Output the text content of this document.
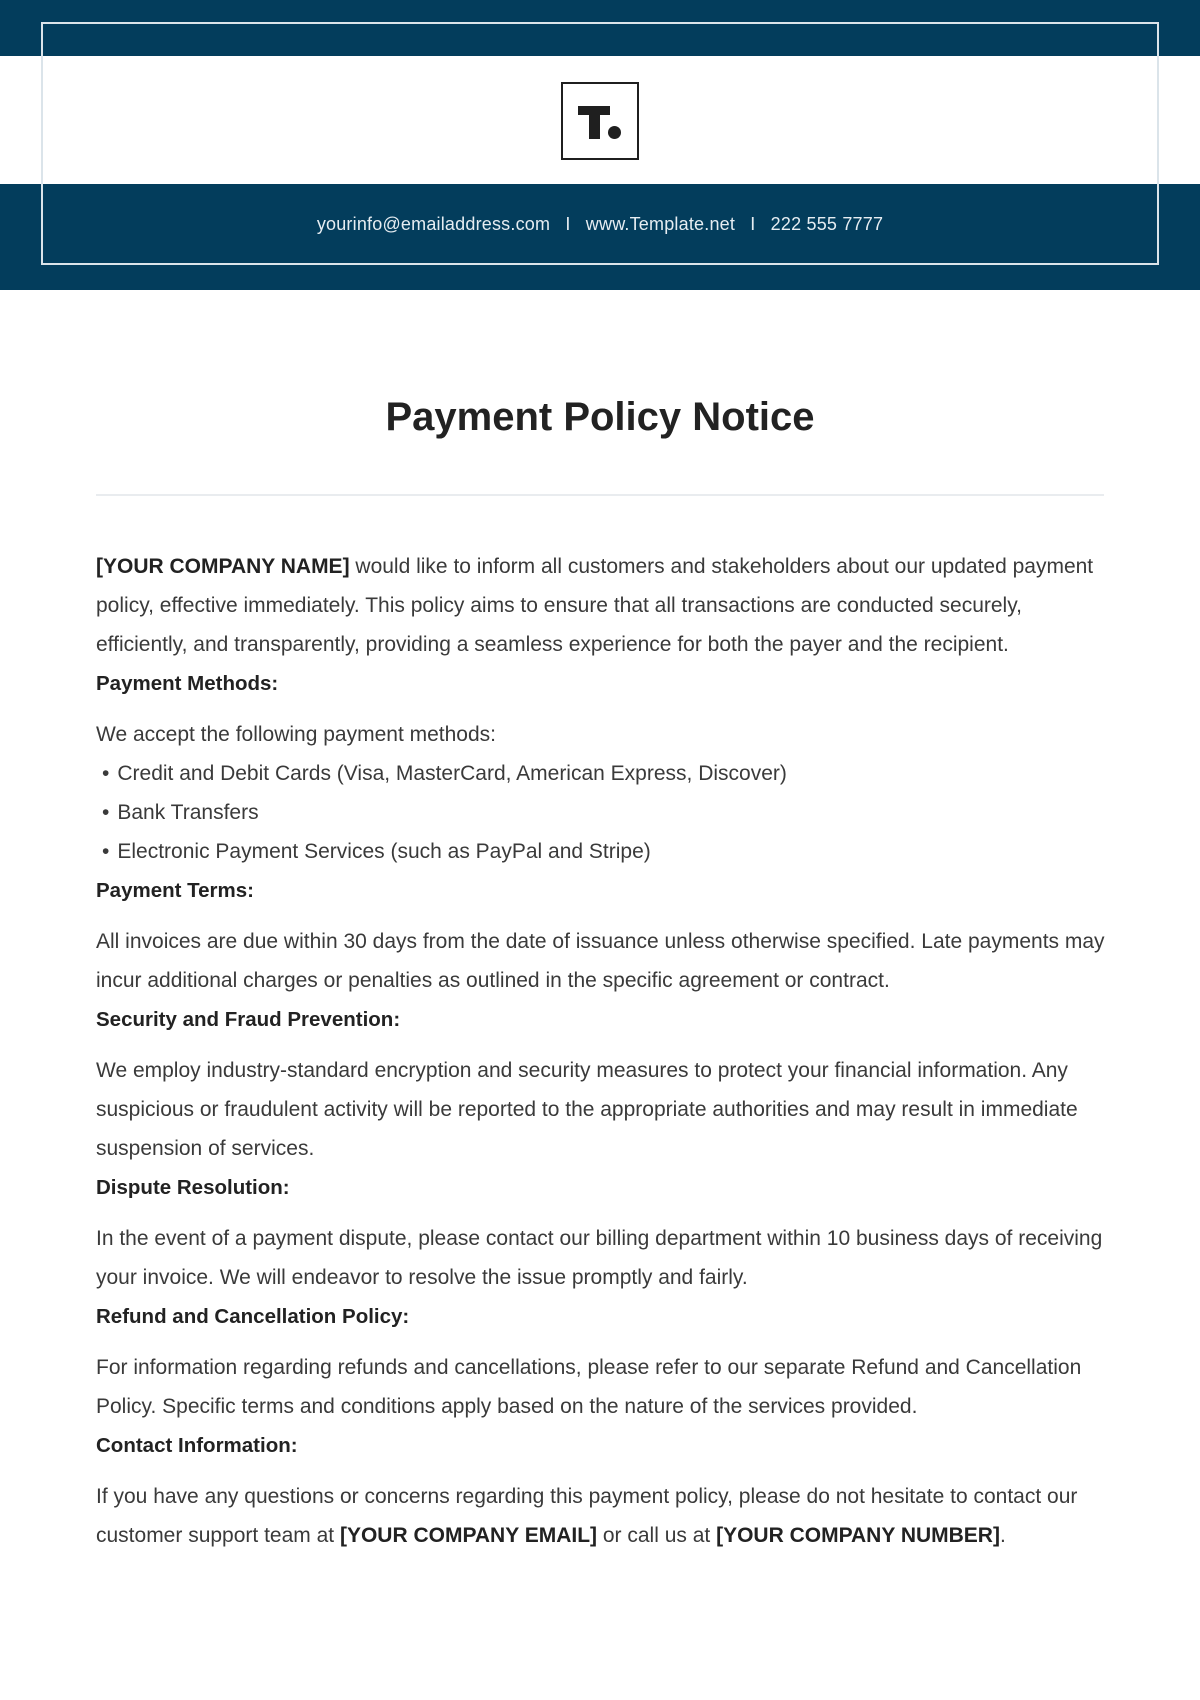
yourinfo@emailaddress.com I www.Template.net I 222 555 7777
Payment Policy Notice

[YOUR COMPANY NAME] would like to inform all customers and stakeholders about our updated payment policy, effective immediately. This policy aims to ensure that all transactions are conducted securely, efficiently, and transparently, providing a seamless experience for both the payer and the recipient.

Payment Methods:

We accept the following payment methods:

• Credit and Debit Cards (Visa, MasterCard, American Express, Discover)
• Bank Transfers
• Electronic Payment Services (such as PayPal and Stripe)
Payment Terms:

All invoices are due within 30 days from the date of issuance unless otherwise specified. Late payments may incur additional charges or penalties as outlined in the specific agreement or contract.

Security and Fraud Prevention:

We employ industry-standard encryption and security measures to protect your financial information. Any suspicious or fraudulent activity will be reported to the appropriate authorities and may result in immediate suspension of services.

Dispute Resolution:

In the event of a payment dispute, please contact our billing department within 10 business days of receiving your invoice. We will endeavor to resolve the issue promptly and fairly.

Refund and Cancellation Policy:

For information regarding refunds and cancellations, please refer to our separate Refund and Cancellation Policy. Specific terms and conditions apply based on the nature of the services provided.

Contact Information:

If you have any questions or concerns regarding this payment policy, please do not hesitate to contact our customer support team at [YOUR COMPANY EMAIL] or call us at [YOUR COMPANY NUMBER].
